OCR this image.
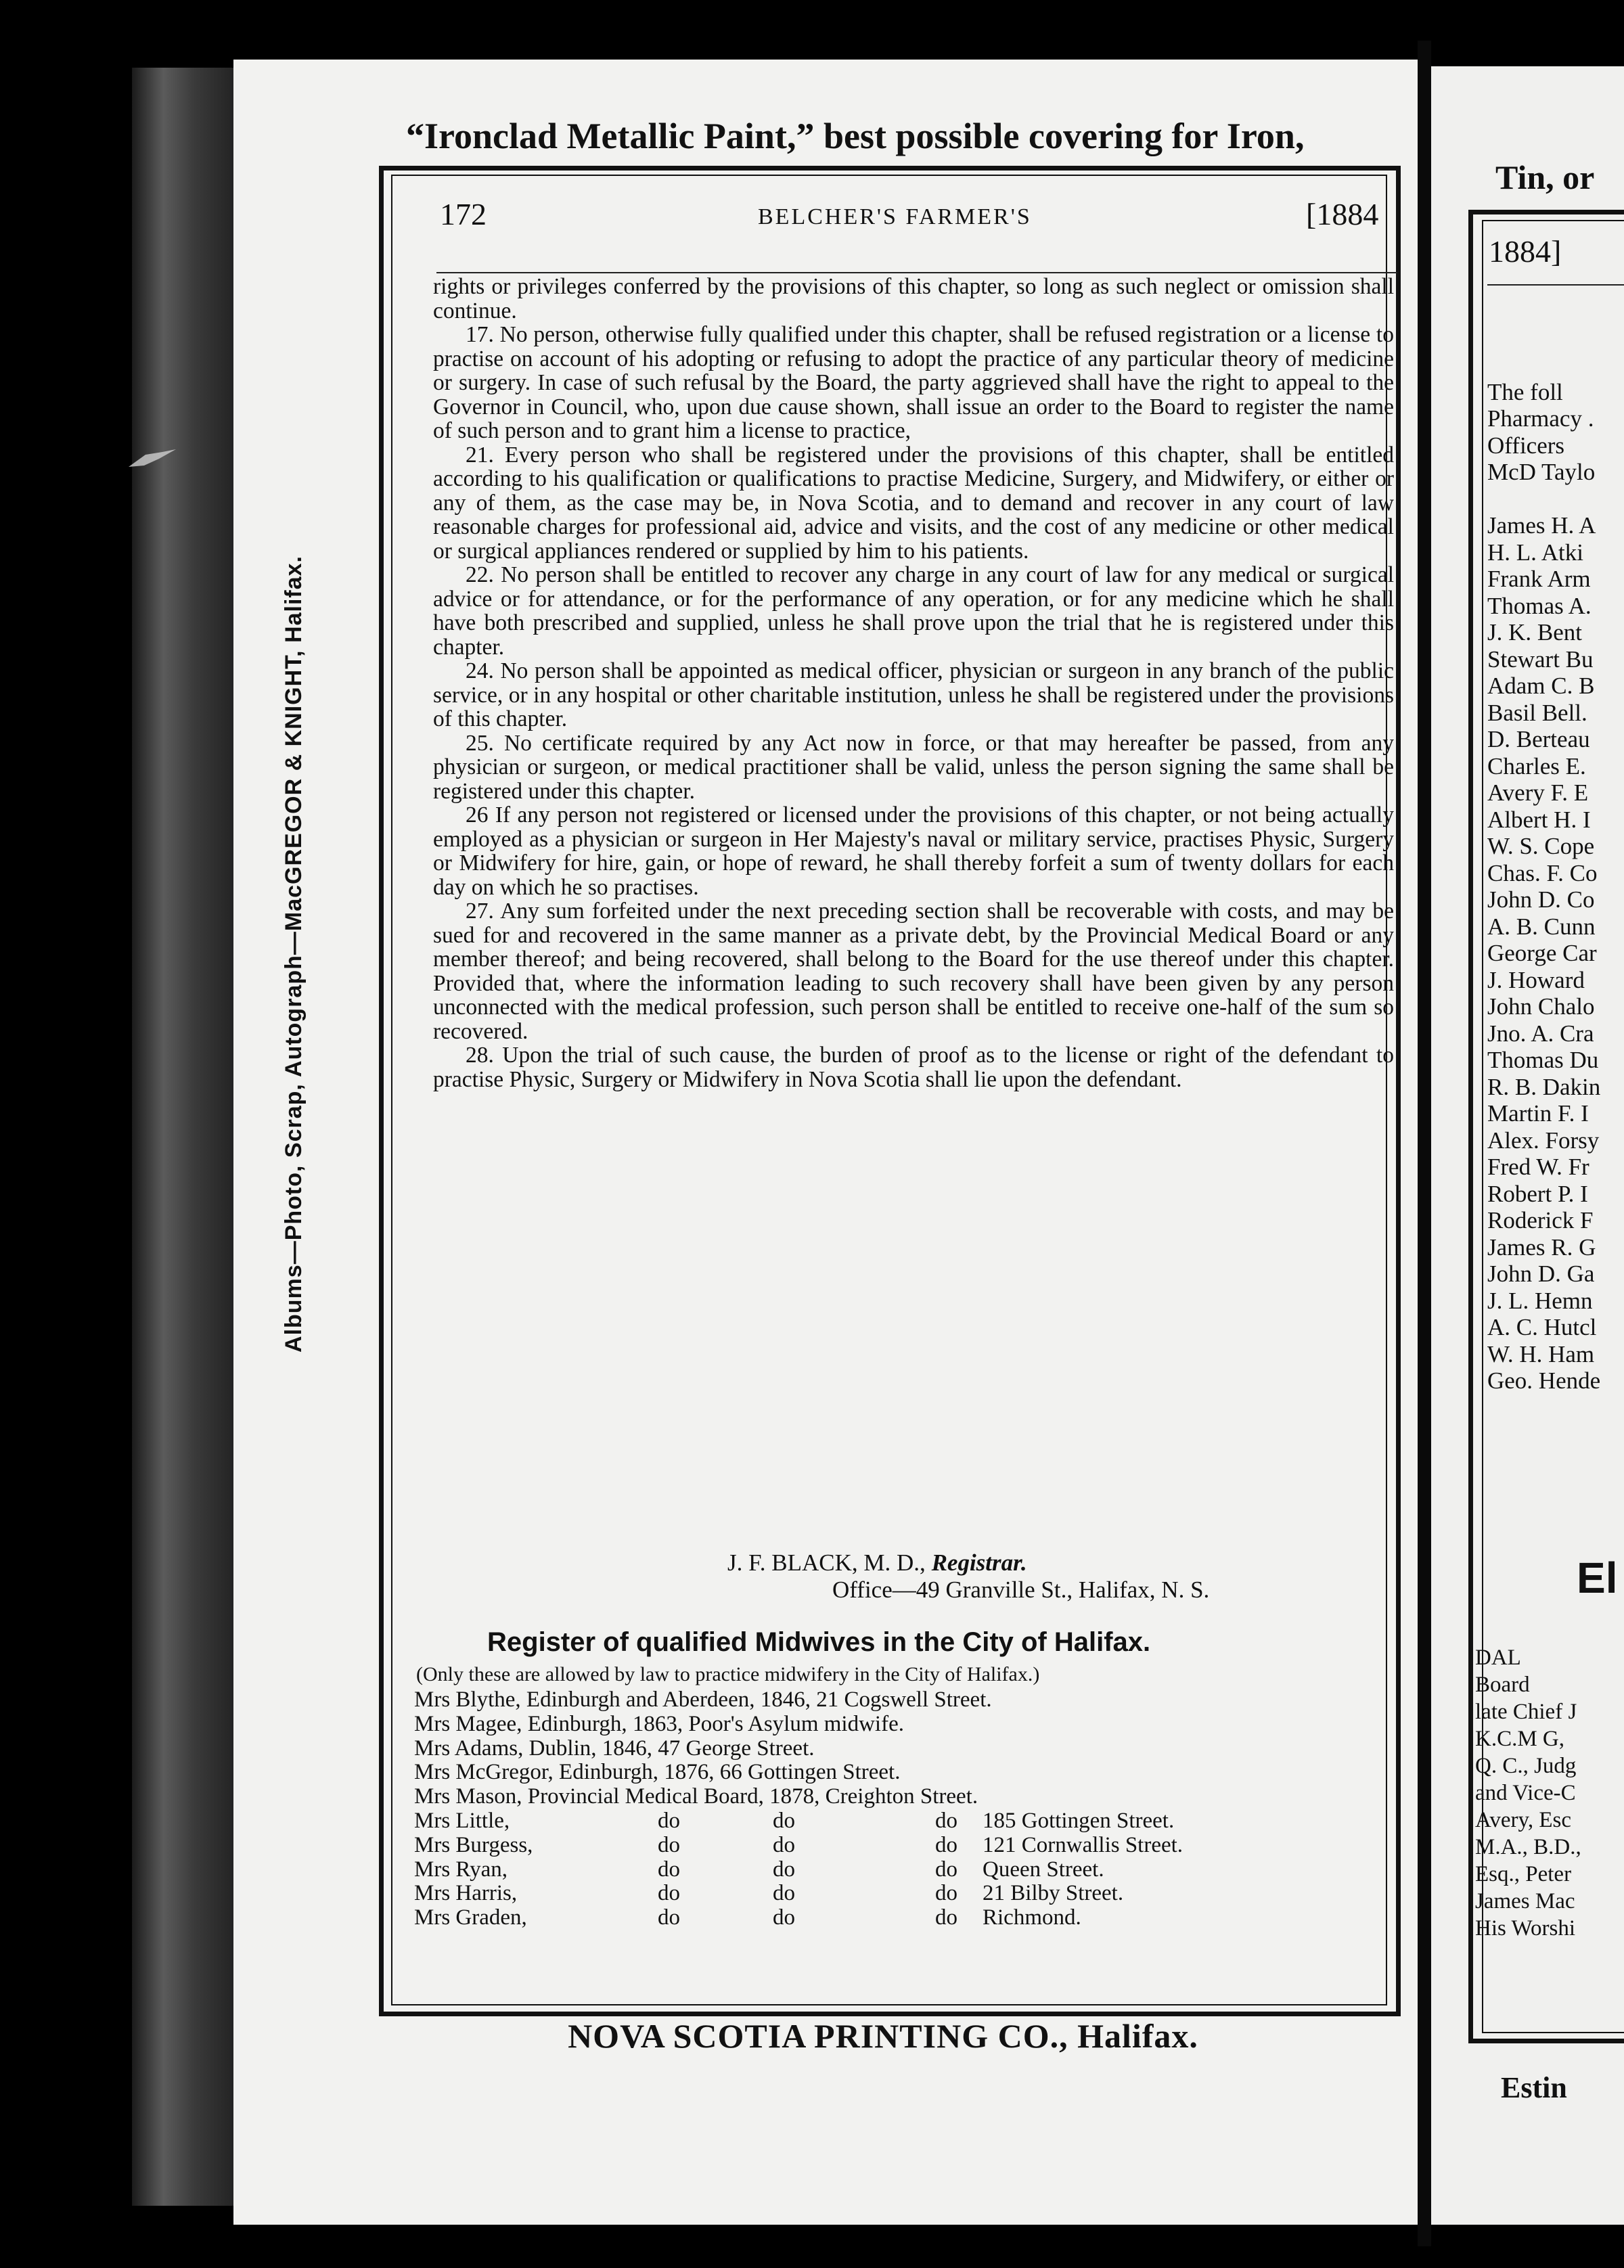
Albums—Photo, Scrap, Autograph—MacGREGOR & KNIGHT, Halifax.
“Ironclad Metallic Paint,” best possible covering for Iron,
172	BELCHER'S FARMER'S	[1884

rights or privileges conferred by the provisions of this chapter, so long as such neglect or omission shall continue.

17. No person, otherwise fully qualified under this chapter, shall be refused registration or a license to practise on account of his adopting or refusing to adopt the practice of any particular theory of medicine or surgery. In case of such refusal by the Board, the party aggrieved shall have the right to appeal to the Governor in Council, who, upon due cause shown, shall issue an order to the Board to register the name of such person and to grant him a license to practice,

21. Every person who shall be registered under the provisions of this chapter, shall be entitled according to his qualification or qualifications to practise Medicine, Surgery, and Midwifery, or either or any of them, as the case may be, in Nova Scotia, and to demand and recover in any court of law reasonable charges for professional aid, advice and visits, and the cost of any medicine or other medical or surgical appliances rendered or supplied by him to his patients.

22. No person shall be entitled to recover any charge in any court of law for any medical or surgical advice or for attendance, or for the performance of any operation, or for any medicine which he shall have both prescribed and supplied, unless he shall prove upon the trial that he is registered under this chapter.

24. No person shall be appointed as medical officer, physician or surgeon in any branch of the public service, or in any hospital or other charitable institution, unless he shall be registered under the provisions of this chapter.

25. No certificate required by any Act now in force, or that may hereafter be passed, from any physician or surgeon, or medical practitioner shall be valid, unless the person signing the same shall be registered under this chapter.

26 If any person not registered or licensed under the provisions of this chapter, or not being actually employed as a physician or surgeon in Her Majesty's naval or military service, practises Physic, Surgery or Midwifery for hire, gain, or hope of reward, he shall thereby forfeit a sum of twenty dollars for each day on which he so practises.

27. Any sum forfeited under the next preceding section shall be recoverable with costs, and may be sued for and recovered in the same manner as a private debt, by the Provincial Medical Board or any member thereof; and being recovered, shall belong to the Board for the use thereof under this chapter. Provided that, where the information leading to such recovery shall have been given by any person unconnected with the medical profession, such person shall be entitled to receive one-half of the sum so recovered.

28. Upon the trial of such cause, the burden of proof as to the license or right of the defendant to practise Physic, Surgery or Midwifery in Nova Scotia shall lie upon the defendant.

J. F. BLACK, M. D., Registrar.
Office—49 Granville St., Halifax, N. S.
Register of qualified Midwives in the City of Halifax.
(Only these are allowed by law to practice midwifery in the City of Halifax.)
Mrs Blythe, Edinburgh and Aberdeen, 1846, 21 Cogswell Street.
Mrs Magee, Edinburgh, 1863, Poor's Asylum midwife.
Mrs Adams, Dublin, 1846, 47 George Street.
Mrs McGregor, Edinburgh, 1876, 66 Gottingen Street.
Mrs Mason, Provincial Medical Board, 1878, Creighton Street.
Mrs Little,	do	do	do 185 Gottingen Street.
Mrs Burgess,	do	do	do 121 Cornwallis Street.
Mrs Ryan,	do	do	do Queen Street.
Mrs Harris,	do	do	do 21 Bilby Street.
Mrs Graden,	do	do	do Richmond.
NOVA SCOTIA PRINTING CO., Halifax.
Tin, or
1884]
The foll
Pharmacy .
Officers
McD Taylo
James H. A
H. L. Atki
Frank Arm
Thomas A.
J. K. Bent
Stewart Bu
Adam C. B
Basil Bell.
D. Berteau
Charles E.
Avery F. E
Albert H. I
W. S. Cope
Chas. F. Co
John D. Co
A. B. Cunn
George Car
J. Howard
John Chalo
Jno. A. Cra
Thomas Du
R. B. Dakin
Martin F. I
Alex. Forsy
Fred W. Fr
Robert P. I
Roderick F
James R. G
John D. Ga
J. L. Hemn
A. C. Hutcl
W. H. Ham
Geo. Hende
El
DAL
Board
late Chief J
K.C.M G,
Q. C., Judg
and Vice-C
Avery, Esc
M.A., B.D.,
Esq., Peter
James Mac
His Worshi
Estin
